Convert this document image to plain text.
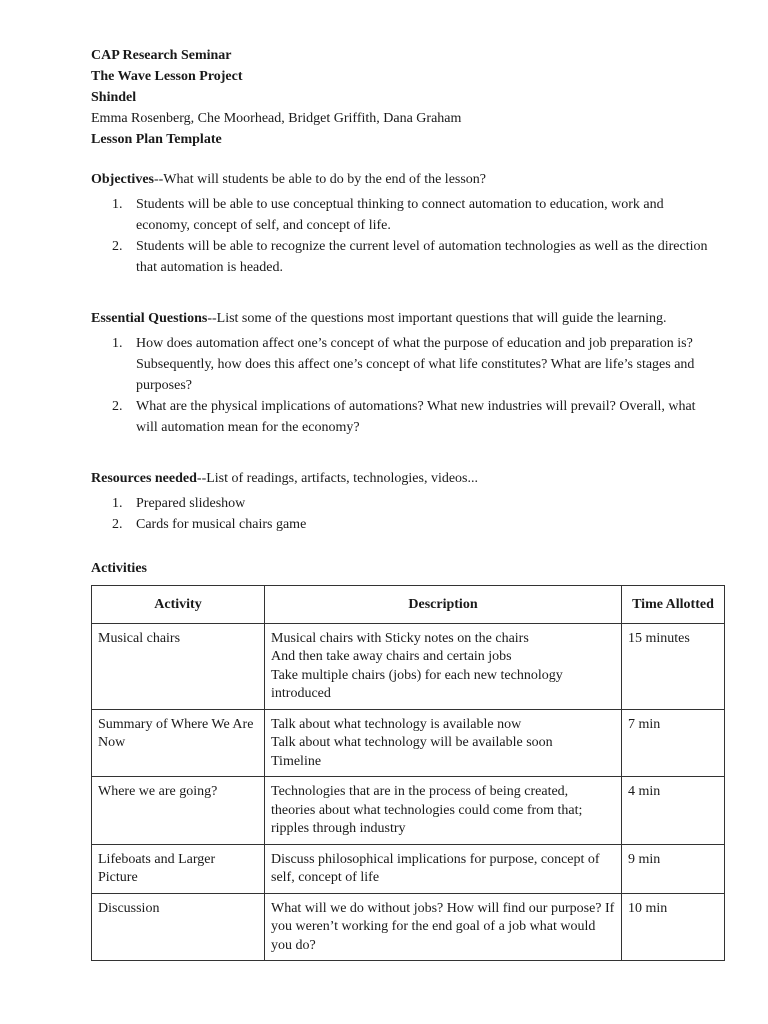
CAP Research Seminar
The Wave Lesson Project
Shindel
Emma Rosenberg, Che Moorhead, Bridget Griffith, Dana Graham
Lesson Plan Template
Objectives--What will students be able to do by the end of the lesson?
1. Students will be able to use conceptual thinking to connect automation to education, work and economy, concept of self, and concept of life.
2. Students will be able to recognize the current level of automation technologies as well as the direction that automation is headed.
Essential Questions--List some of the questions most important questions that will guide the learning.
1. How does automation affect one’s concept of what the purpose of education and job preparation is? Subsequently, how does this affect one’s concept of what life constitutes? What are life’s stages and purposes?
2. What are the physical implications of automations? What new industries will prevail? Overall, what will automation mean for the economy?
Resources needed--List of readings, artifacts, technologies, videos...
1. Prepared slideshow
2. Cards for musical chairs game
Activities
Activity	Description	Time Allotted
Musical chairs	Musical chairs with Sticky notes on the chairs
And then take away chairs and certain jobs
Take multiple chairs (jobs) for each new technology introduced	15 minutes
Summary of Where We Are Now	Talk about what technology is available now
Talk about what technology will be available soon
Timeline	7 min
Where we are going?	Technologies that are in the process of being created, theories about what technologies could come from that; ripples through industry	4 min
Lifeboats and Larger Picture	Discuss philosophical implications for purpose, concept of self, concept of life	9 min
Discussion	What will we do without jobs? How will find our purpose? If you weren’t working for the end goal of a job what would you do?	10 min
